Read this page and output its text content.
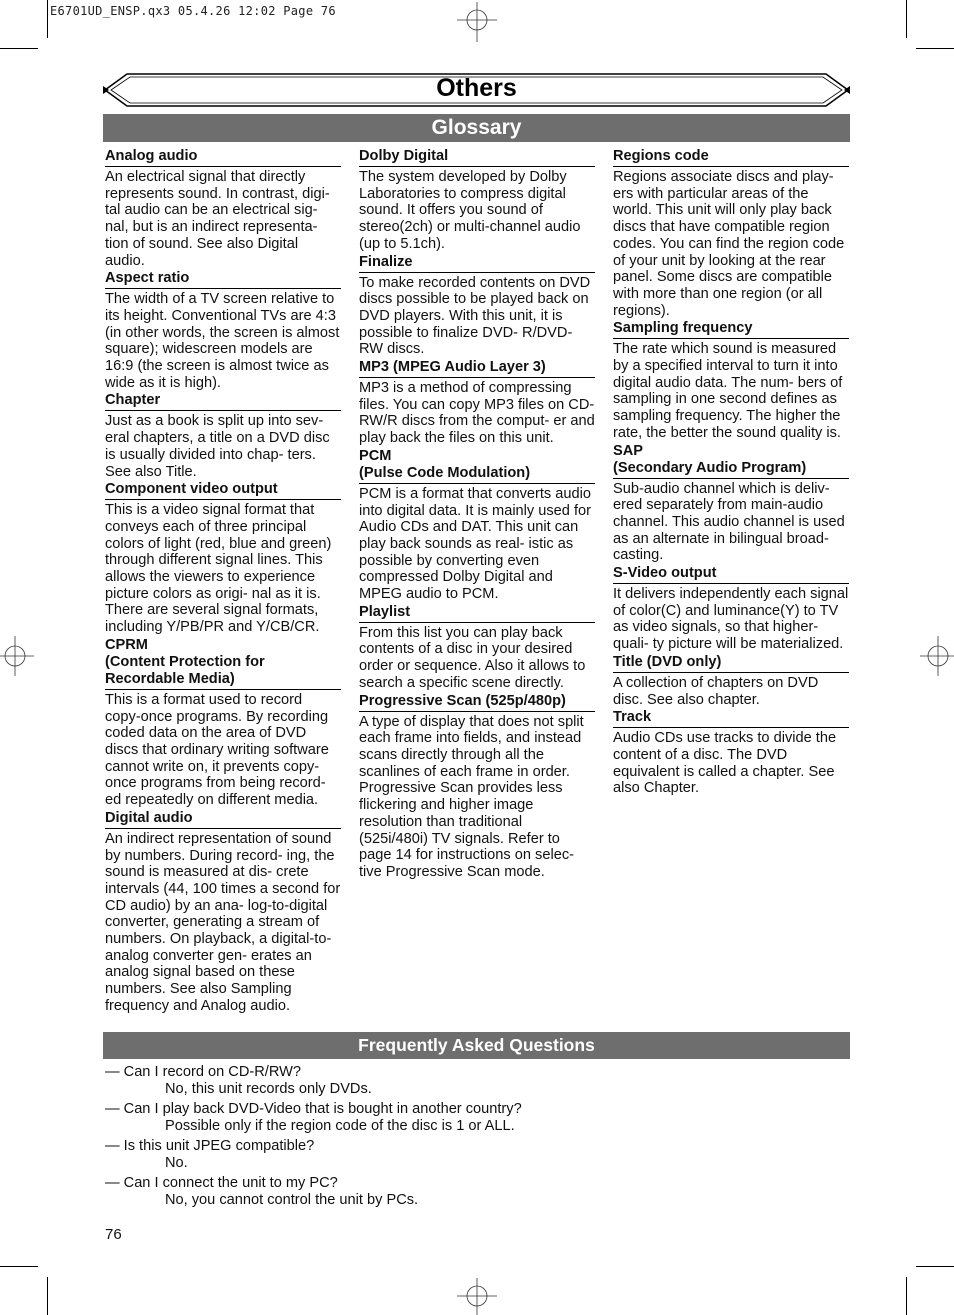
E6701UD_ENSP.qx3 05.4.26 12:02 Page 76
Others
Glossary
Analog audio
An electrical signal that directly represents sound. In contrast, digi- tal audio can be an electrical sig- nal, but is an indirect representa- tion of sound. See also Digital audio.
Aspect ratio
The width of a TV screen relative to its height. Conventional TVs are 4:3 (in other words, the screen is almost square); widescreen models are 16:9 (the screen is almost twice as wide as it is high).
Chapter
Just as a book is split up into sev- eral chapters, a title on a DVD disc is usually divided into chap- ters. See also Title.
Component video output
This is a video signal format that conveys each of three principal colors of light (red, blue and green) through different signal lines. This allows the viewers to experience picture colors as origi- nal as it is. There are several signal formats, including Y/PB/PR and Y/CB/CR.
CPRM
(Content Protection for
Recordable Media)
This is a format used to record copy-once programs. By recording coded data on the area of DVD discs that ordinary writing software cannot write on, it prevents copy- once programs from being record- ed repeatedly on different media.
Digital audio
An indirect representation of sound by numbers. During record- ing, the sound is measured at dis- crete intervals (44, 100 times a second for CD audio) by an ana- log-to-digital converter, generating a stream of numbers. On playback, a digital-to-analog converter gen- erates an analog signal based on these numbers. See also Sampling frequency and Analog audio.
Dolby Digital
The system developed by Dolby Laboratories to compress digital sound. It offers you sound of stereo(2ch) or multi-channel audio (up to 5.1ch).
Finalize
To make recorded contents on DVD discs possible to be played back on DVD players. With this unit, it is possible to finalize DVD- R/DVD-RW discs.
MP3 (MPEG Audio Layer 3)
MP3 is a method of compressing files. You can copy MP3 files on CD-RW/R discs from the comput- er and play back the files on this unit.
PCM
(Pulse Code Modulation)
PCM is a format that converts audio into digital data. It is mainly used for Audio CDs and DAT. This unit can play back sounds as real- istic as possible by converting even compressed Dolby Digital and MPEG audio to PCM.
Playlist
From this list you can play back contents of a disc in your desired order or sequence. Also it allows to search a specific scene directly.
Progressive Scan (525p/480p)
A type of display that does not split each frame into fields, and instead scans directly through all the scanlines of each frame in order. Progressive Scan provides less flickering and higher image resolution than traditional (525i/480i) TV signals. Refer to page 14 for instructions on selec- tive Progressive Scan mode.
Regions code
Regions associate discs and play- ers with particular areas of the world. This unit will only play back discs that have compatible region codes. You can find the region code of your unit by looking at the rear panel. Some discs are compatible with more than one region (or all regions).
Sampling frequency
The rate which sound is measured by a specified interval to turn it into digital audio data. The num- bers of sampling in one second defines as sampling frequency. The higher the rate, the better the sound quality is.
SAP
(Secondary Audio Program)
Sub-audio channel which is deliv- ered separately from main-audio channel. This audio channel is used as an alternate in bilingual broad- casting.
S-Video output
It delivers independently each signal of color(C) and luminance(Y) to TV as video signals, so that higher-quali- ty picture will be materialized.
Title (DVD only)
A collection of chapters on DVD disc. See also chapter.
Track
Audio CDs use tracks to divide the content of a disc. The DVD equivalent is called a chapter. See also Chapter.
Frequently Asked Questions
— Can I record on CD-R/RW?
No, this unit records only DVDs.
— Can I play back DVD-Video that is bought in another country?
Possible only if the region code of the disc is 1 or ALL.
— Is this unit JPEG compatible?
No.
— Can I connect the unit to my PC?
No, you cannot control the unit by PCs.
76
